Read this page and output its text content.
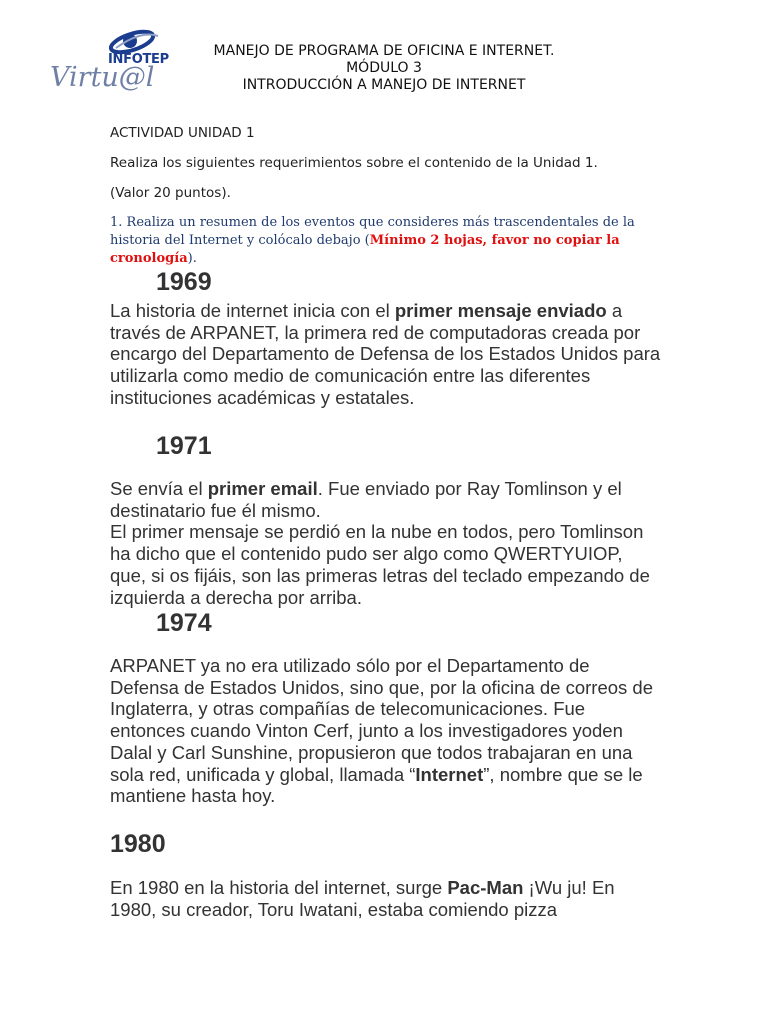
INFOTEP
Virtu@l
MANEJO DE PROGRAMA DE OFICINA E INTERNET.
MÓDULO 3
INTRODUCCIÓN A MANEJO DE INTERNET
ACTIVIDAD UNIDAD 1
Realiza los siguientes requerimientos sobre el contenido de la Unidad 1.
(Valor 20 puntos).
1. Realiza un resumen de los eventos que consideres más trascendentales de la historia del Internet y colócalo debajo (Mínimo 2 hojas, favor no copiar la cronología).
1969
La historia de internet inicia con el primer mensaje enviado a través de ARPANET, la primera red de computadoras creada por encargo del Departamento de Defensa de los Estados Unidos para utilizarla como medio de comunicación entre las diferentes instituciones académicas y estatales.
1971
Se envía el primer email. Fue enviado por Ray Tomlinson y el destinatario fue él mismo.
El primer mensaje se perdió en la nube en todos, pero Tomlinson ha dicho que el contenido pudo ser algo como QWERTYUIOP, que, si os fijáis, son las primeras letras del teclado empezando de izquierda a derecha por arriba.
1974
ARPANET ya no era utilizado sólo por el Departamento de Defensa de Estados Unidos, sino que, por la oficina de correos de Inglaterra, y otras compañías de telecomunicaciones. Fue entonces cuando Vinton Cerf, junto a los investigadores yoden Dalal y Carl Sunshine, propusieron que todos trabajaran en una sola red, unificada y global, llamada “Internet”, nombre que se le mantiene hasta hoy.
1980
En 1980 en la historia del internet, surge Pac-Man ¡Wu ju! En 1980, su creador, Toru Iwatani, estaba comiendo pizza
